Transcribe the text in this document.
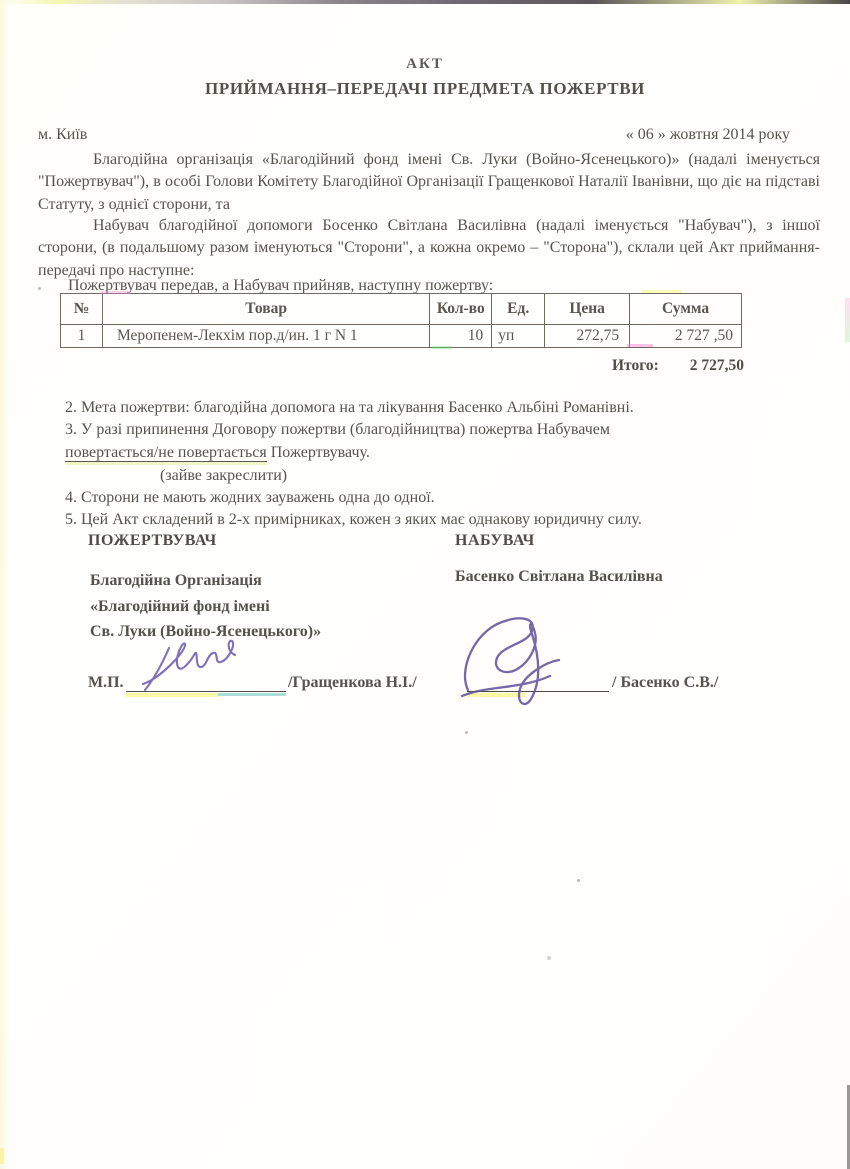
АКТ
ПРИЙМАННЯ–ПЕРЕДАЧІ ПРЕДМЕТА ПОЖЕРТВИ
м. Київ	« 06 » жовтня 2014 року
Благодійна організація «Благодійний фонд імені Св. Луки (Войно-Ясенецького)» (надалі іменується "Пожертвувач"), в особі Голови Комітету Благодійної Організації Гращенкової Наталії Іванівни, що діє на підставі Статуту, з однієї сторони, та
Набувач благодійної допомоги Босенко Світлана Василівна (надалі іменується "Набувач"), з іншої сторони, (в подальшому разом іменуються "Сторони", а кожна окремо – "Сторона"), склали цей Акт приймання-передачі про наступне:
Пожертвувач передав, а Набувач прийняв, наступну пожертву:
№	Товар	Кол-во	Ед.	Цена	Сумма
1	Меропенем-Лекхім пор.д/ин. 1 г N 1	10	уп	272,75	2 727 ,50
Итого: 2 727,50
2. Мета пожертви: благодійна допомога на та лікування Басенко Альбіні Романівні.
3. У разі припинення Договору пожертви (благодійництва) пожертва Набувачем
повертається/не повертається Пожертвувачу.
(зайве закреслити)
4. Сторони не мають жодних зауважень одна до одної.
5. Цей Акт складений в 2-х примірниках, кожен з яких має однакову юридичну силу.
ПОЖЕРТВУВАЧ	НАБУВАЧ
Благодійна Організація
«Благодійний фонд імені
Св. Луки (Войно-Ясенецького)»
Басенко Світлана Василівна
М.П.	/Гращенкова Н.І./	/ Басенко С.В./
